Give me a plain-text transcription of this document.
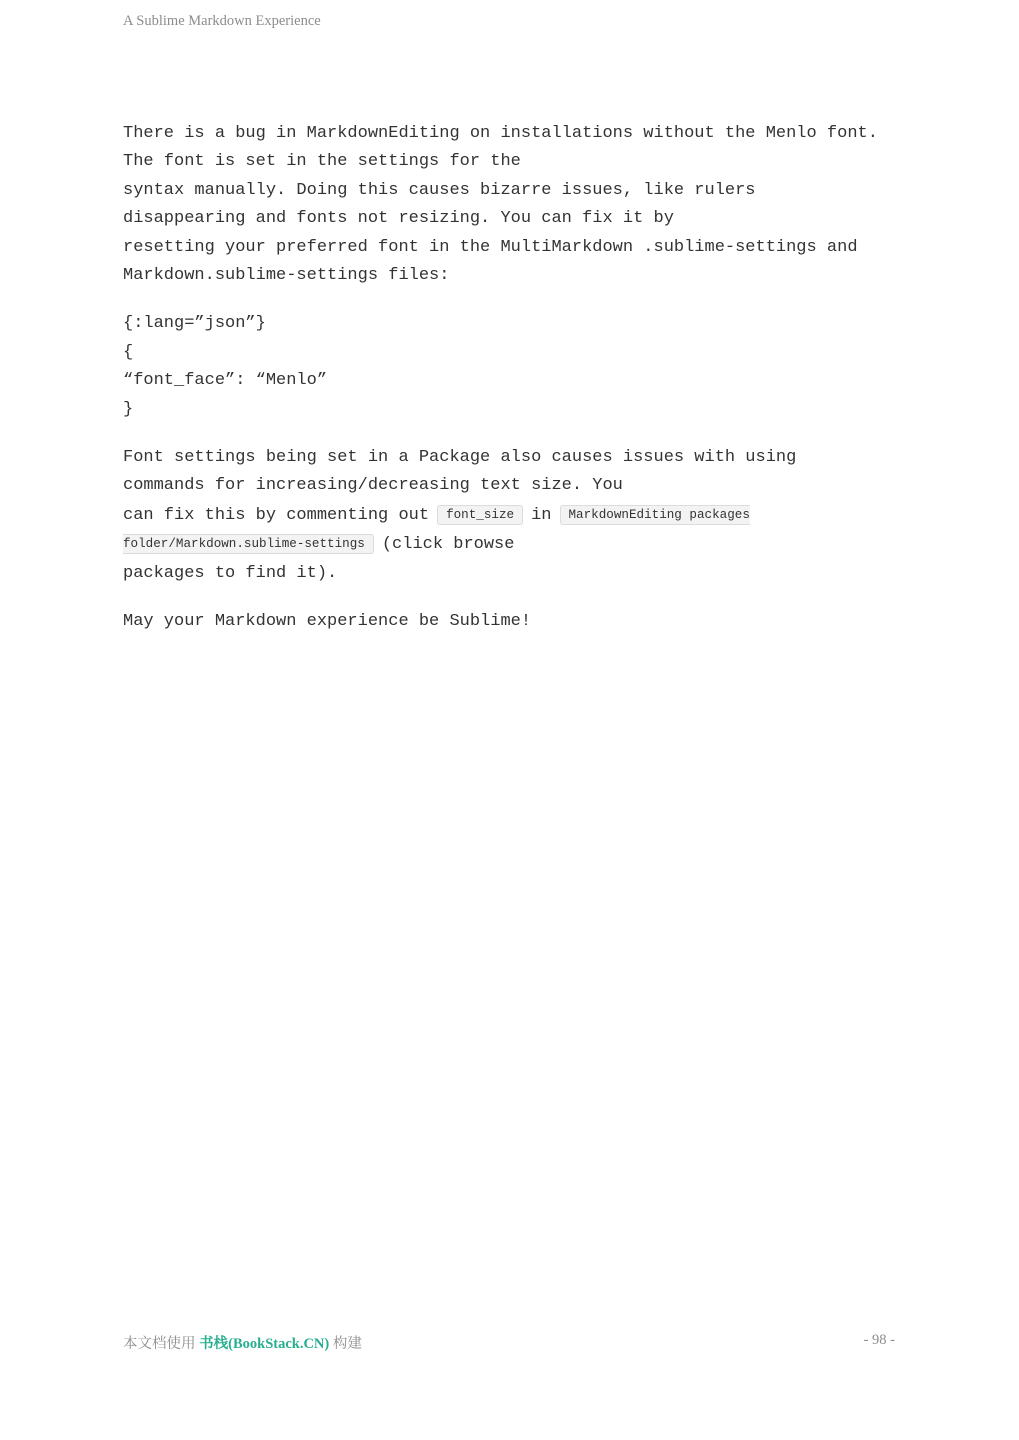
A Sublime Markdown Experience
There is a bug in MarkdownEditing on installations without the Menlo font.
The font is set in the settings for the
syntax manually. Doing this causes bizarre issues, like rulers
disappearing and fonts not resizing. You can fix it by
resetting your preferred font in the MultiMarkdown .sublime-settings and
Markdown.sublime-settings files:
{:lang=”json”}
{
“font_face”: “Menlo”
}
Font settings being set in a Package also causes issues with using
commands for increasing/decreasing text size. You
can fix this by commenting out font_size in MarkdownEditing packages
folder/Markdown.sublime-settings (click browse
packages to find it).
May your Markdown experience be Sublime!
本文档使用 书栈(BookStack.CN) 构建	- 98 -
